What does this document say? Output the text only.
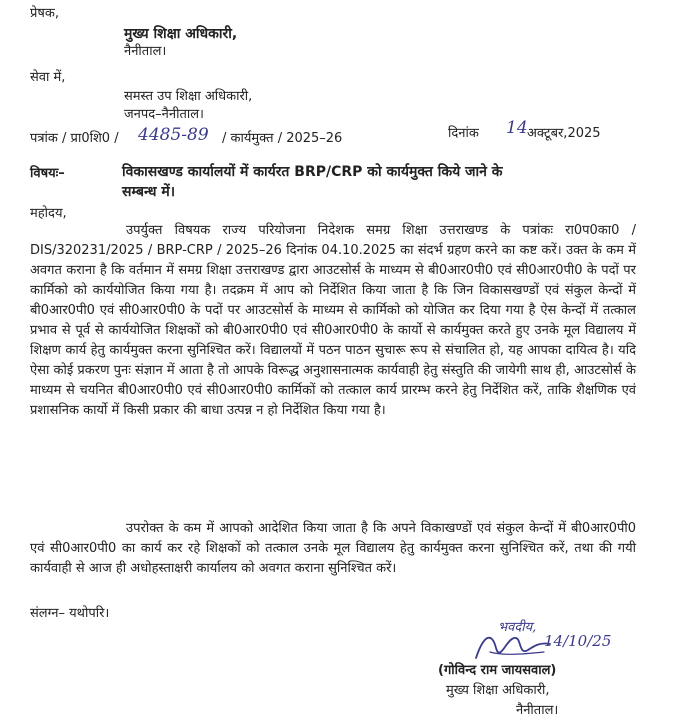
प्रेषक,
मुख्य शिक्षा अधिकारी,
नैनीताल।
सेवा में,
समस्त उप शिक्षा अधिकारी,
जनपद–नैनीताल।
पत्रांक / प्रा0शि0 / 4485-89 / कार्यमुक्त / 2025–26	दिनांक 14 अक्टूबर,2025
विषयः–	विकासखण्ड कार्यालयों में कार्यरत BRP/CRP को कार्यमुक्त किये जाने के
सम्बन्ध में।
महोदय,
उपर्युक्त विषयक राज्य परियोजना निदेशक समग्र शिक्षा उत्तराखण्ड के पत्रांकः रा0प0का0 / DIS/320231/2025 / BRP-CRP / 2025–26 दिनांक 04.10.2025 का संदर्भ ग्रहण करने का कष्ट करें। उक्त के कम में अवगत कराना है कि वर्तमान में समग्र शिक्षा उत्तराखण्ड द्वारा आउटसोर्स के माध्यम से बी0आर0पी0 एवं सी0आर0पी0 के पदों पर कार्मिको को कार्ययोजित किया गया है। तदक्रम में आप को निर्देशित किया जाता है कि जिन विकासखण्डों एवं संकुल केन्दों में बी0आर0पी0 एवं सी0आर0पी0 के पदों पर आउटसोर्स के माध्यम से कार्मिको को योजित कर दिया गया है ऐस केन्दों में तत्काल प्रभाव से पूर्व से कार्ययोजित शिक्षकों को बी0आर0पी0 एवं सी0आर0पी0 के कार्यो से कार्यमुक्त करते हुए उनके मूल विद्यालय में शिक्षण कार्य हेतु कार्यमुक्त करना सुनिश्चित करें। विद्यालयों में पठन पाठन सुचारू रूप से संचालित हो, यह आपका दायित्व है। यदि ऐसा कोई प्रकरण पुनः संज्ञान में आता है तो आपके विरूद्ध अनुशासनात्मक कार्यवाही हेतु संस्तुति की जायेगी साथ ही, आउटसोर्स के माध्यम से चयनित बी0आर0पी0 एवं सी0आर0पी0 कार्मिकों को तत्काल कार्य प्रारम्भ करने हेतु निर्देशित करें, ताकि शैक्षणिक एवं प्रशासनिक कार्यो में किसी प्रकार की बाधा उत्पन्न न हो निर्देशित किया गया है।
उपरोक्त के कम में आपको आदेशित किया जाता है कि अपने विकाखण्डों एवं संकुल केन्दों में बी0आर0पी0 एवं सी0आर0पी0 का कार्य कर रहे शिक्षकों को तत्काल उनके मूल विद्यालय हेतु कार्यमुक्त करना सुनिश्चित करें, तथा की गयी कार्यवाही से आज ही अधोहस्ताक्षरी कार्यालय को अवगत कराना सुनिश्चित करें।
संलग्न– यथोपरि।
भवदीय,
14/10/25
(गोविन्द राम जायसवाल)
मुख्य शिक्षा अधिकारी,
नैनीताल।
